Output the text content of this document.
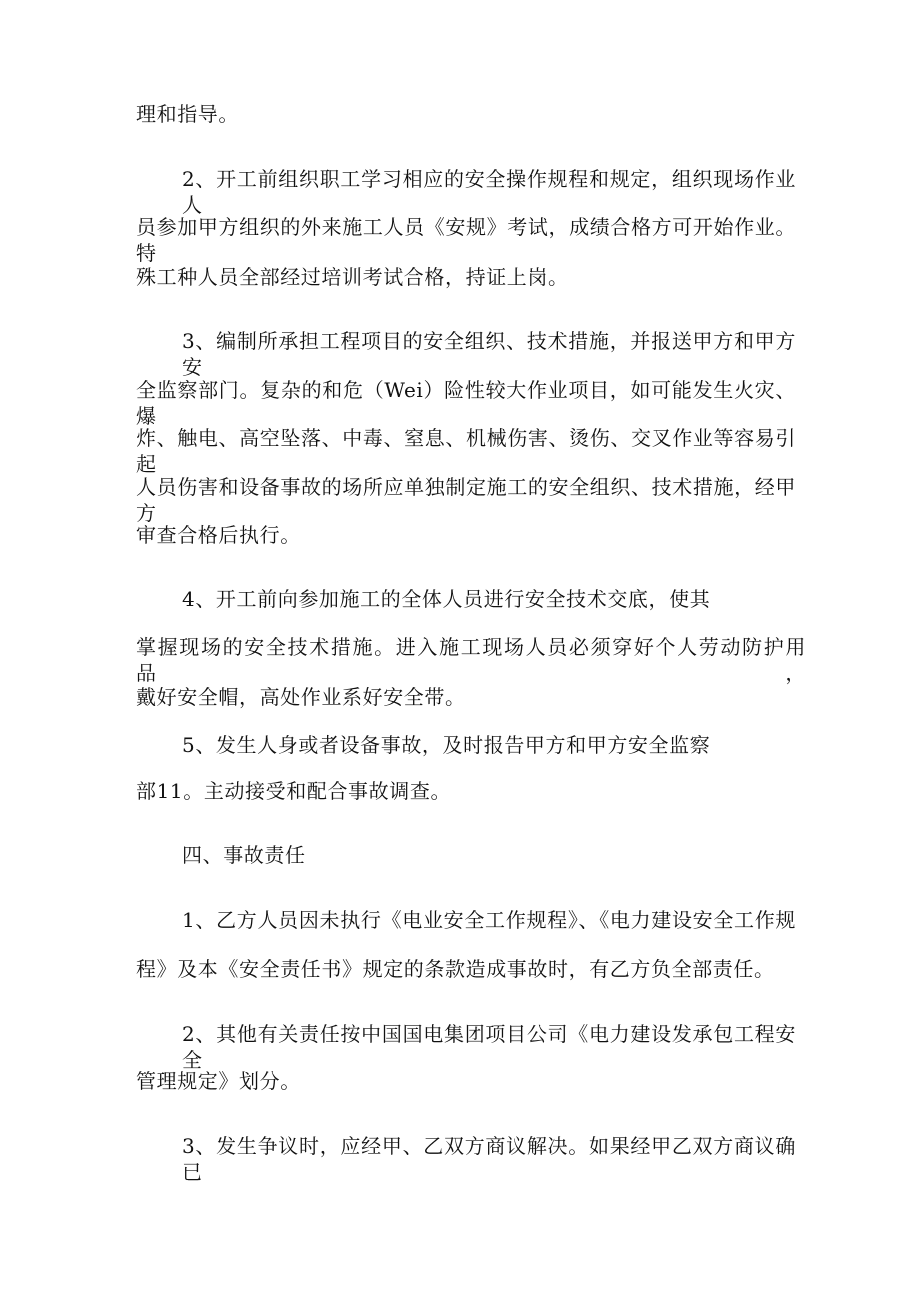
理和指导。
2、开工前组织职工学习相应的安全操作规程和规定，组织现场作业人
员参加甲方组织的外来施工人员《安规》考试，成绩合格方可开始作业。特
殊工种人员全部经过培训考试合格，持证上岗。
3、编制所承担工程项目的安全组织、技术措施，并报送甲方和甲方安
全监察部门。复杂的和危（Wei）险性较大作业项目，如可能发生火灾、爆
炸、触电、高空坠落、中毒、窒息、机械伤害、烫伤、交叉作业等容易引起
人员伤害和设备事故的场所应单独制定施工的安全组织、技术措施，经甲方
审查合格后执行。
4、开工前向参加施工的全体人员进行安全技术交底，使其
掌握现场的安全技术措施。进入施工现场人员必须穿好个人劳动防护用品，
戴好安全帽，高处作业系好安全带。
5、发生人身或者设备事故，及时报告甲方和甲方安全监察
部11。主动接受和配合事故调查。
四、事故责任
1、乙方人员因未执行《电业安全工作规程》、《电力建设安全工作规
程》及本《安全责任书》规定的条款造成事故时，有乙方负全部责任。
2、其他有关责任按中国国电集团项目公司《电力建设发承包工程安全
管理规定》划分。
3、发生争议时，应经甲、乙双方商议解决。如果经甲乙双方商议确已
